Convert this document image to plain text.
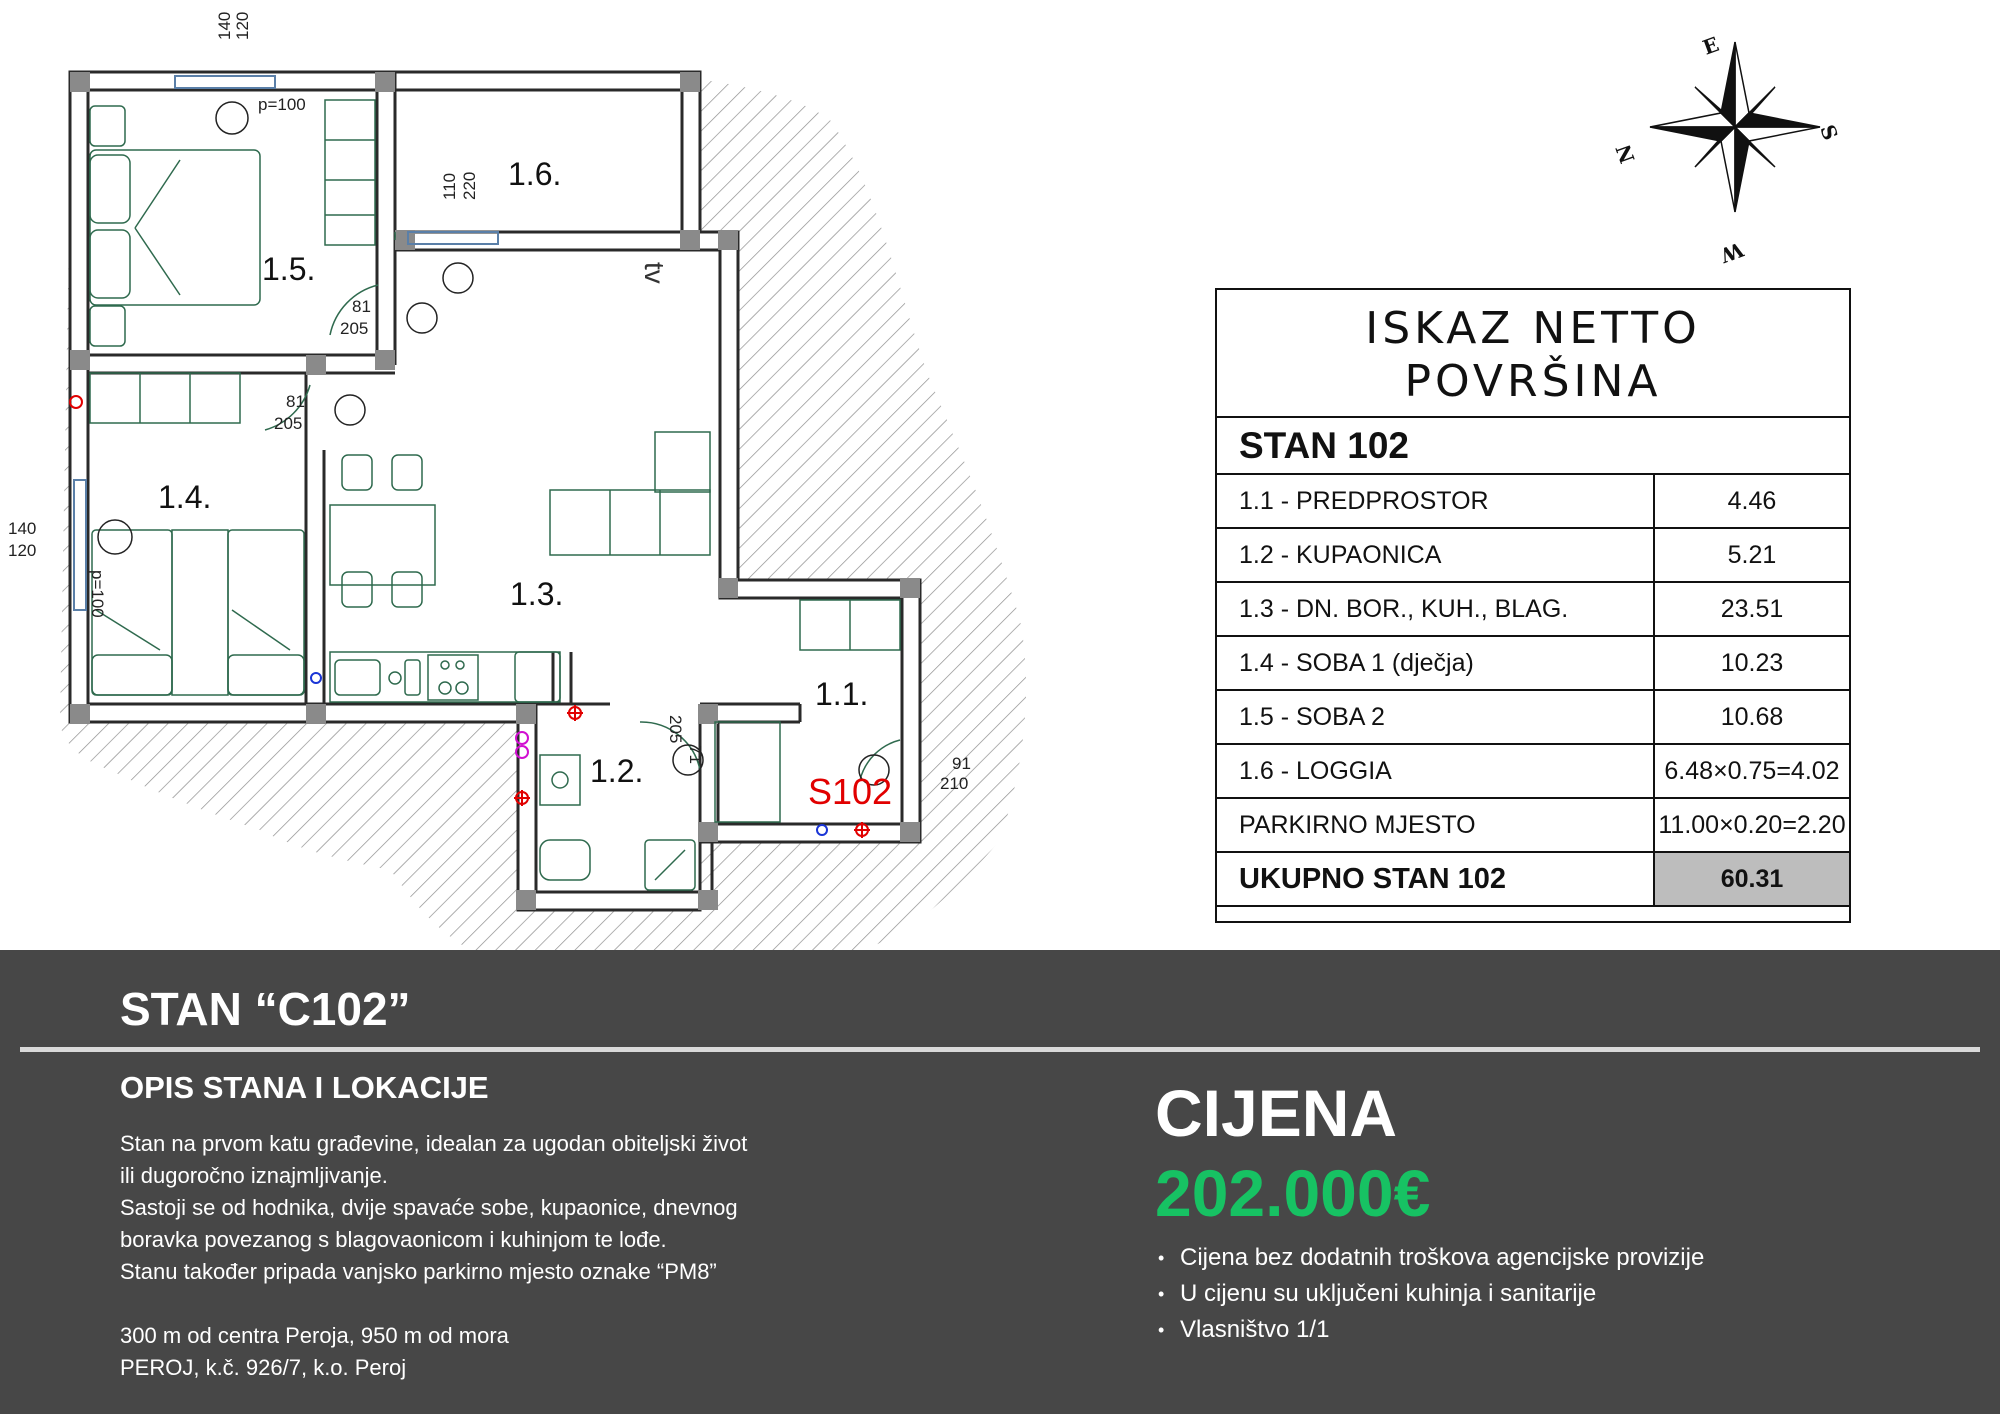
1.1.
1.2.
1.3.
1.4.
1.5.
1.6.
S102
tv
140 120
140
120
110 220
81
205
81
205
71
205
91
210
p=100
p=100
E
S
W
N
ISKAZ NETTO
POVRŠINA
STAN 102
1.1 - PREDPROSTOR	4.46
1.2 - KUPAONICA	5.21
1.3 - DN. BOR., KUH., BLAG.	23.51
1.4 - SOBA 1 (dječja)	10.23
1.5 - SOBA 2	10.68
1.6 - LOGGIA	6.48×0.75=4.02
PARKIRNO MJESTO	11.00×0.20=2.20
UKUPNO STAN 102	60.31
STAN “C102”
OPIS STANA I LOKACIJE
Stan na prvom katu građevine, idealan za ugodan obiteljski život
ili dugoročno iznajmljivanje.
Sastoji se od hodnika, dvije spavaće sobe, kupaonice, dnevnog
boravka povezanog s blagovaonicom i kuhinjom te lođe.
Stanu također pripada vanjsko parkirno mjesto oznake “PM8”
300 m od centra Peroja, 950 m od mora
PEROJ, k.č. 926/7, k.o. Peroj
CIJENA
202.000€
• Cijena bez dodatnih troškova agencijske provizije
• U cijenu su uključeni kuhinja i sanitarije
• Vlasništvo 1/1
